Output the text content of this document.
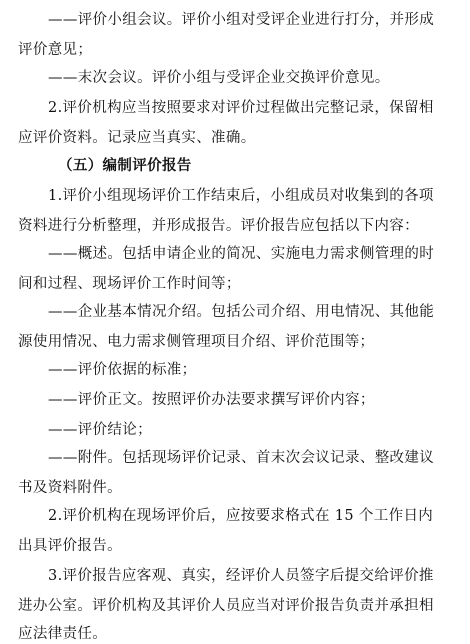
——评价小组会议。评价小组对受评企业进行打分，并形成
评价意见；
——末次会议。评价小组与受评企业交换评价意见。
2.评价机构应当按照要求对评价过程做出完整记录，保留相
应评价资料。记录应当真实、准确。
（五）编制评价报告
1.评价小组现场评价工作结束后，小组成员对收集到的各项
资料进行分析整理，并形成报告。评价报告应包括以下内容：
——概述。包括申请企业的简况、实施电力需求侧管理的时
间和过程、现场评价工作时间等；
——企业基本情况介绍。包括公司介绍、用电情况、其他能
源使用情况、电力需求侧管理项目介绍、评价范围等；
——评价依据的标准；
——评价正文。按照评价办法要求撰写评价内容；
——评价结论；
——附件。包括现场评价记录、首末次会议记录、整改建议
书及资料附件。
2.评价机构在现场评价后，应按要求格式在 15 个工作日内
出具评价报告。
3.评价报告应客观、真实，经评价人员签字后提交给评价推
进办公室。评价机构及其评价人员应当对评价报告负责并承担相
应法律责任。
